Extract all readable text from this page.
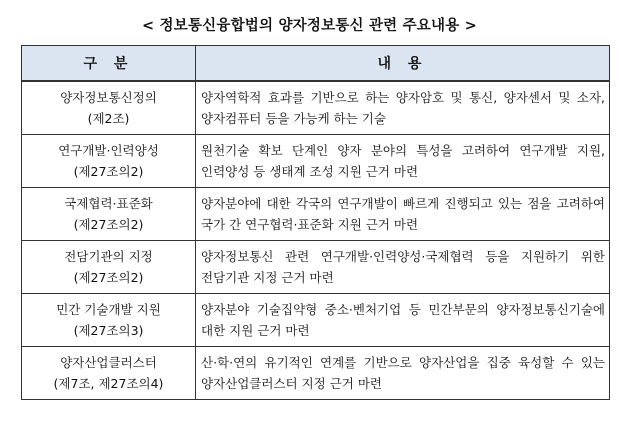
< 정보통신융합법의 양자정보통신 관련 주요내용 >
구 분	내 용

양자정보통신정의
(제2조)	양자역학적 효과를 기반으로 하는 양자암호 및 통신, 양자센서 및 소자, 양자컴퓨터 등을 가능케 하는 기술

연구개발·인력양성
(제27조의2)	원천기술 확보 단계인 양자 분야의 특성을 고려하여 연구개발 지원, 인력양성 등 생태계 조성 지원 근거 마련

국제협력·표준화
(제27조의2)	양자분야에 대한 각국의 연구개발이 빠르게 진행되고 있는 점을 고려하여 국가 간 연구협력·표준화 지원 근거 마련

전담기관의 지정
(제27조의2)	양자정보통신 관련 연구개발·인력양성·국제협력 등을 지원하기 위한 전담기관 지정 근거 마련

민간 기술개발 지원
(제27조의3)	양자분야 기술집약형 중소·벤처기업 등 민간부문의 양자정보통신기술에 대한 지원 근거 마련

양자산업클러스터
(제7조, 제27조의4)	산·학·연의 유기적인 연계를 기반으로 양자산업을 집중 육성할 수 있는 양자산업클러스터 지정 근거 마련
